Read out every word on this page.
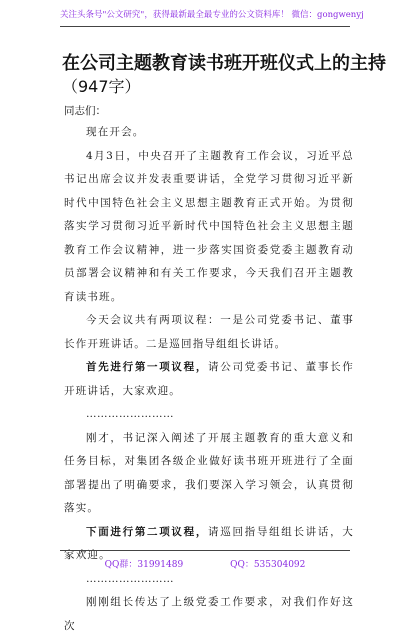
关注头条号"公文研究"，获得最新最全最专业的公文资料库！ 微信：gongwenyj
在公司主题教育读书班开班仪式上的主持
（947字）
同志们：

现在开会。

4月3日，中央召开了主题教育工作会议，习近平总书记出席会议并发表重要讲话，全党学习贯彻习近平新时代中国特色社会主义思想主题教育正式开始。为贯彻落实学习贯彻习近平新时代中国特色社会主义思想主题教育工作会议精神，进一步落实国资委党委主题教育动员部署会议精神和有关工作要求，今天我们召开主题教育读书班。

今天会议共有两项议程：一是公司党委书记、董事长作开班讲话。二是巡回指导组组长讲话。

首先进行第一项议程，请公司党委书记、董事长作开班讲话，大家欢迎。

……………………

刚才，书记深入阐述了开展主题教育的重大意义和任务目标，对集团各级企业做好读书班开班进行了全面部署提出了明确要求，我们要深入学习领会，认真贯彻落实。

下面进行第二项议程，请巡回指导组组长讲话，大家欢迎。

……………………

刚刚组长传达了上级党委工作要求，对我们作好这次

QQ群：31991489	QQ：535304092
